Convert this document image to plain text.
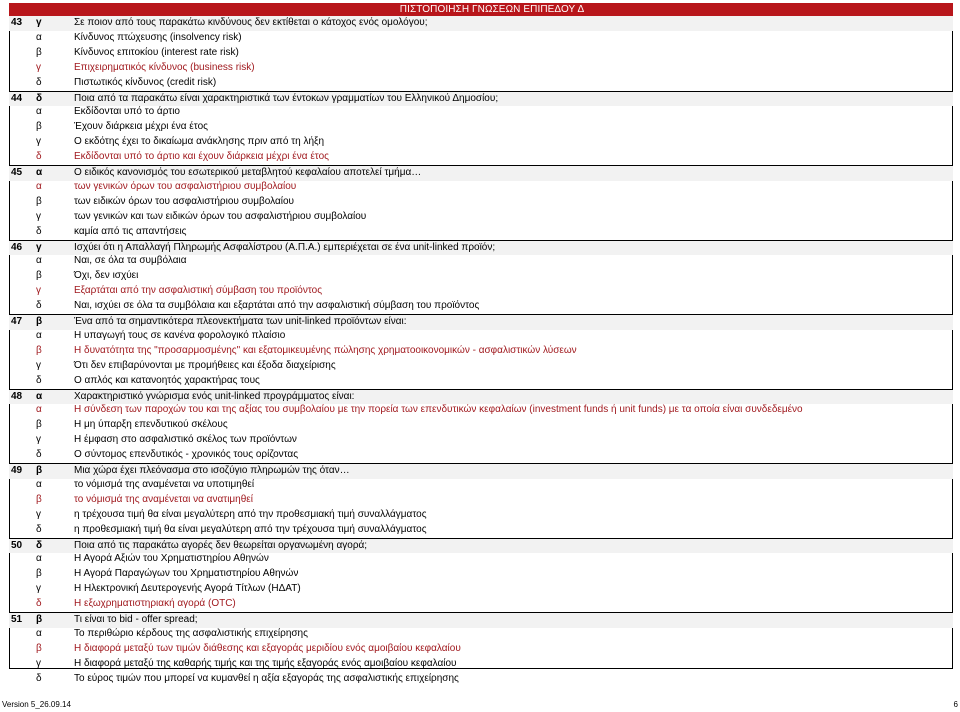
ΠΙΣΤΟΠΟΙΗΣΗ ΓΝΩΣΕΩΝ ΕΠΙΠΕΔΟΥ Δ
43	γ	Σε ποιον από τους παρακάτω κινδύνους δεν εκτίθεται ο κάτοχος ενός ομολόγου;
α	Κίνδυνος πτώχευσης (insolvency risk)
β	Κίνδυνος επιτοκίου (interest rate risk)
γ	Επιχειρηματικός κίνδυνος (business risk)
δ	Πιστωτικός κίνδυνος (credit risk)
44	δ	Ποια από τα παρακάτω είναι χαρακτηριστικά των έντοκων γραμματίων του Ελληνικού Δημοσίου;
α	Εκδίδονται υπό το άρτιο
β	Έχουν διάρκεια μέχρι ένα έτος
γ	Ο εκδότης έχει το δικαίωμα ανάκλησης πριν από τη λήξη
δ	Εκδίδονται υπό το άρτιο και έχουν διάρκεια μέχρι ένα έτος
45	α	Ο ειδικός κανονισμός του εσωτερικού μεταβλητού κεφαλαίου αποτελεί τμήμα…
α	των γενικών όρων του ασφαλιστήριου συμβολαίου
β	των ειδικών όρων του ασφαλιστήριου συμβολαίου
γ	των γενικών και των ειδικών όρων του ασφαλιστήριου συμβολαίου
δ	καμία από τις απαντήσεις
46	γ	Ισχύει ότι η Απαλλαγή Πληρωμής Ασφαλίστρου (Α.Π.Α.) εμπεριέχεται σε ένα unit-linked προϊόν;
α	Ναι, σε όλα τα συμβόλαια
β	Όχι, δεν ισχύει
γ	Εξαρτάται από την ασφαλιστική σύμβαση του προϊόντος
δ	Ναι, ισχύει σε όλα τα συμβόλαια και εξαρτάται από την ασφαλιστική σύμβαση του προϊόντος
47	β	Ένα από τα σημαντικότερα πλεονεκτήματα των unit-linked προϊόντων είναι:
α	Η υπαγωγή τους σε κανένα φορολογικό πλαίσιο
β	Η δυνατότητα της "προσαρμοσμένης" και εξατομικευμένης πώλησης χρηματοοικονομικών - ασφαλιστικών λύσεων
γ	Ότι δεν επιβαρύνονται με προμήθειες και έξοδα διαχείρισης
δ	Ο απλός και κατανοητός χαρακτήρας τους
48	α	Χαρακτηριστικό γνώρισμα ενός unit-linked προγράμματος είναι:
α	Η σύνδεση των παροχών του και της αξίας του συμβολαίου με την πορεία των επενδυτικών κεφαλαίων (investment funds ή unit funds) με τα οποία είναι συνδεδεμένο
β	Η μη ύπαρξη επενδυτικού σκέλους
γ	Η έμφαση στο ασφαλιστικό σκέλος των προϊόντων
δ	Ο σύντομος επενδυτικός - χρονικός τους ορίζοντας
49	β	Μια χώρα έχει πλεόνασμα στο ισοζύγιο πληρωμών της όταν…
α	το νόμισμά της αναμένεται να υποτιμηθεί
β	το νόμισμά της αναμένεται να ανατιμηθεί
γ	η τρέχουσα τιμή θα είναι μεγαλύτερη από την προθεσμιακή τιμή συναλλάγματος
δ	η προθεσμιακή τιμή θα είναι μεγαλύτερη από την τρέχουσα τιμή συναλλάγματος
50	δ	Ποια από τις παρακάτω αγορές δεν θεωρείται οργανωμένη αγορά;
α	Η Αγορά Αξιών του Χρηματιστηρίου Αθηνών
β	Η Αγορά Παραγώγων του Χρηματιστηρίου Αθηνών
γ	Η Ηλεκτρονική Δευτερογενής Αγορά Τίτλων (ΗΔΑΤ)
δ	Η εξωχρηματιστηριακή αγορά (OTC)
51	β	Τι είναι το bid - offer spread;
α	Το περιθώριο κέρδους της ασφαλιστικής επιχείρησης
β	Η διαφορά μεταξύ των τιμών διάθεσης και εξαγοράς μεριδίου ενός αμοιβαίου κεφαλαίου
γ	Η διαφορά μεταξύ της καθαρής τιμής και της τιμής εξαγοράς ενός αμοιβαίου κεφαλαίου
δ	Το εύρος τιμών που μπορεί να κυμανθεί η αξία εξαγοράς της ασφαλιστικής επιχείρησης
Version 5_26.09.14	6
